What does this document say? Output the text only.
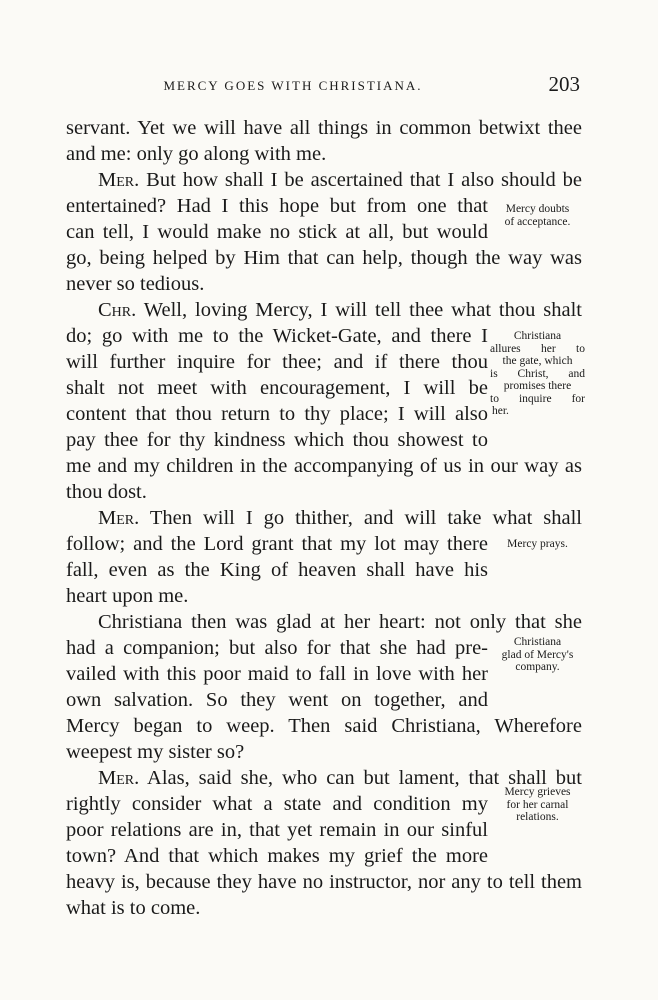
MERCY GOES WITH CHRISTIANA.	203
servant. Yet we will have all things in common betwixt thee
and me: only go along with me.
Mer. But how shall I be ascertained that I also should be
entertained? Had I this hope but from one that
can tell, I would make no stick at all, but would
go, being helped by Him that can help, though the way was
never so tedious.
Chr. Well, loving Mercy, I will tell thee what thou shalt
do; go with me to the Wicket-Gate, and there I
will further inquire for thee; and if there thou
shalt not meet with encouragement, I will be
content that thou return to thy place; I will also
pay thee for thy kindness which thou showest to
me and my children in the accompanying of us in our way as
thou dost.
Mer. Then will I go thither, and will take what shall
follow; and the Lord grant that my lot may there
fall, even as the King of heaven shall have his
heart upon me.
Christiana then was glad at her heart: not only that she
had a companion; but also for that she had pre-
vailed with this poor maid to fall in love with her
own salvation. So they went on together, and
Mercy began to weep. Then said Christiana, Wherefore
weepest my sister so?
Mer. Alas, said she, who can but lament, that shall but
rightly consider what a state and condition my
poor relations are in, that yet remain in our sinful
town? And that which makes my grief the more
heavy is, because they have no instructor, nor any to tell them
what is to come.
Mercy doubts
of acceptance.
Christiana
allures her to
the gate, which
is Christ, and
promises there
to inquire for
her.
Mercy prays.
Christiana
glad of Mercy's
company.
Mercy grieves
for her carnal
relations.
